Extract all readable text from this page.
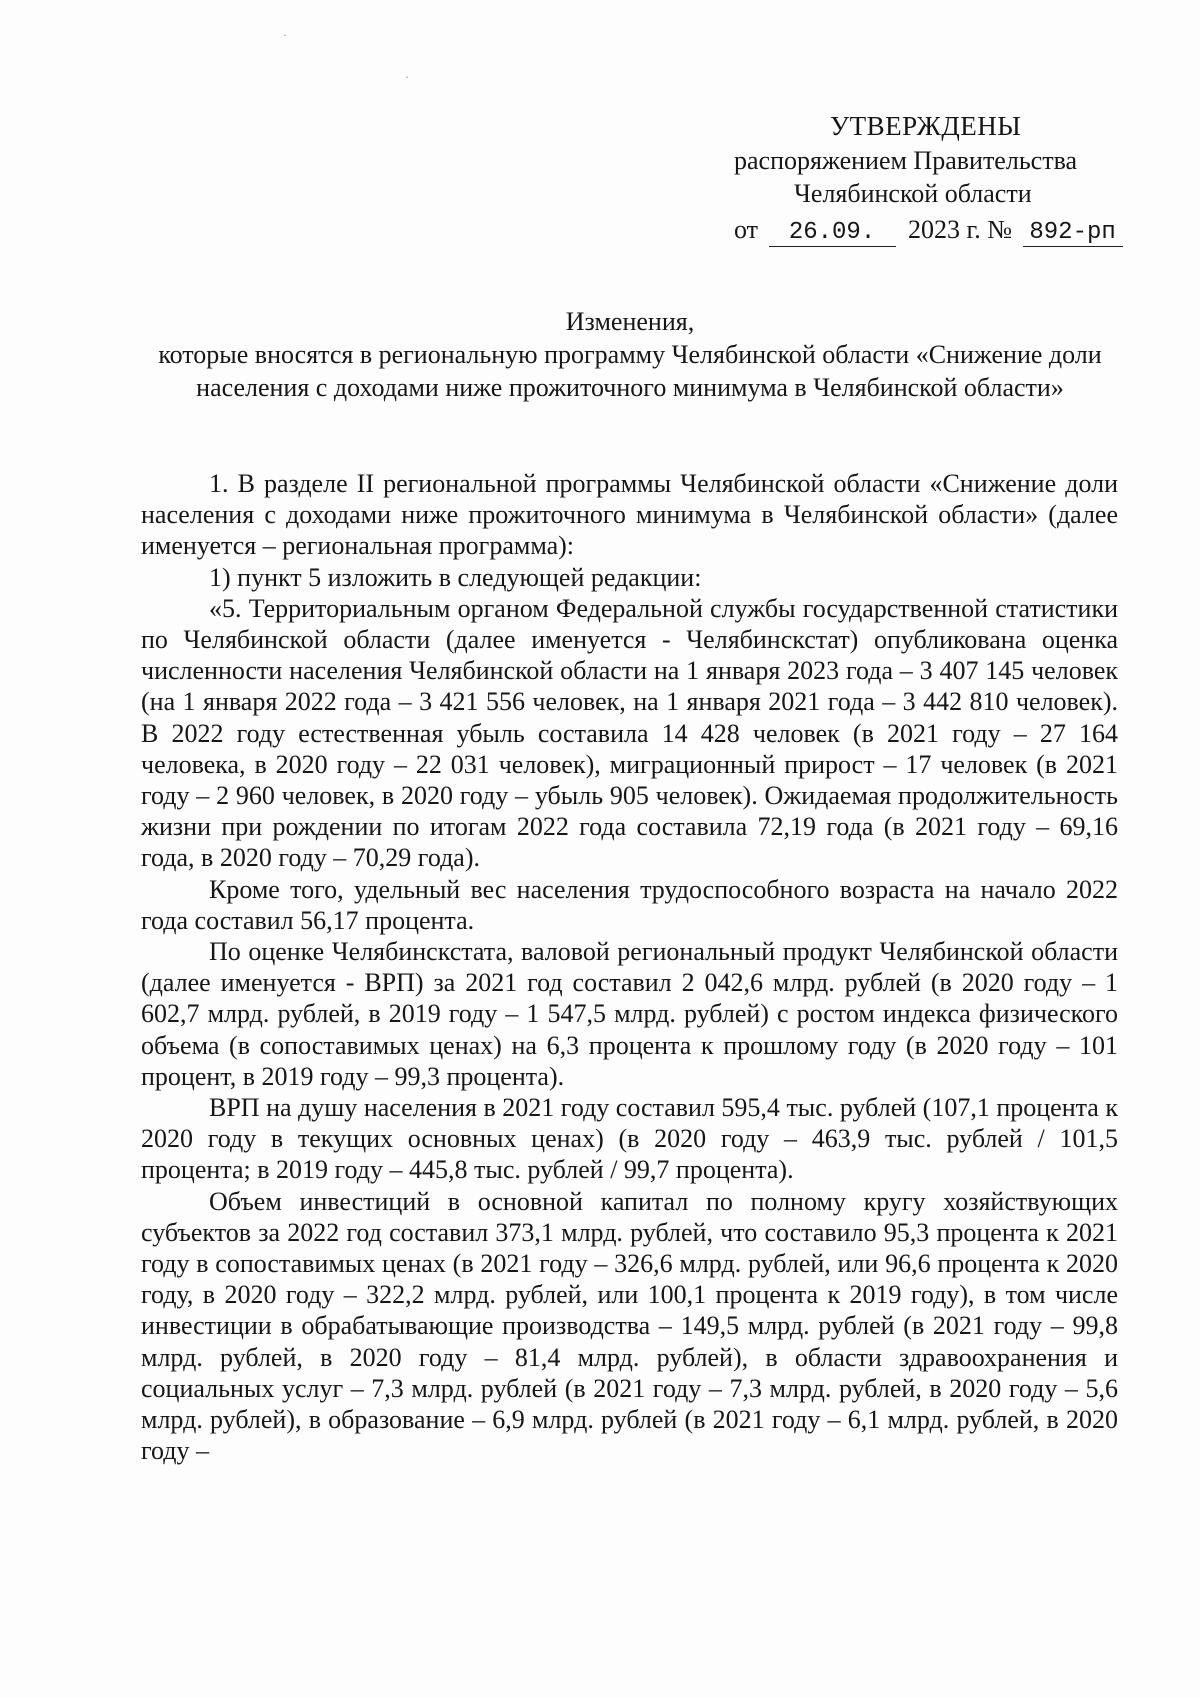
·
·
УТВЕРЖДЕНЫ
распоряжением Правительства
Челябинской области
от 26.09. 2023 г. № 892-рп
Изменения,
которые вносятся в региональную программу Челябинской области «Снижение доли населения с доходами ниже прожиточного минимума в Челябинской области»

1. В разделе II региональной программы Челябинской области «Снижение доли населения с доходами ниже прожиточного минимума в Челябинской области» (далее именуется – региональная программа):

1) пункт 5 изложить в следующей редакции:

«5. Территориальным органом Федеральной службы государственной статистики по Челябинской области (далее именуется - Челябинскстат) опубликована оценка численности населения Челябинской области на 1 января 2023 года – 3 407 145 человек (на 1 января 2022 года – 3 421 556 человек, на 1 января 2021 года – 3 442 810 человек). В 2022 году естественная убыль составила 14 428 человек (в 2021 году – 27 164 человека, в 2020 году – 22 031 человек), миграционный прирост – 17 человек (в 2021 году – 2 960 человек, в 2020 году – убыль 905 человек). Ожидаемая продолжительность жизни при рождении по итогам 2022 года составила 72,19 года (в 2021 году – 69,16 года, в 2020 году – 70,29 года).

Кроме того, удельный вес населения трудоспособного возраста на начало 2022 года составил 56,17 процента.

По оценке Челябинскстата, валовой региональный продукт Челябинской области (далее именуется - ВРП) за 2021 год составил 2 042,6 млрд. рублей (в 2020 году – 1 602,7 млрд. рублей, в 2019 году – 1 547,5 млрд. рублей) с ростом индекса физического объема (в сопоставимых ценах) на 6,3 процента к прошлому году (в 2020 году – 101 процент, в 2019 году – 99,3 процента).

ВРП на душу населения в 2021 году составил 595,4 тыс. рублей (107,1 процента к 2020 году в текущих основных ценах) (в 2020 году – 463,9 тыс. рублей / 101,5 процента; в 2019 году – 445,8 тыс. рублей / 99,7 процента).

Объем инвестиций в основной капитал по полному кругу хозяйствующих субъектов за 2022 год составил 373,1 млрд. рублей, что составило 95,3 процента к 2021 году в сопоставимых ценах (в 2021 году – 326,6 млрд. рублей, или 96,6 процента к 2020 году, в 2020 году – 322,2 млрд. рублей, или 100,1 процента к 2019 году), в том числе инвестиции в обрабатывающие производства – 149,5 млрд. рублей (в 2021 году – 99,8 млрд. рублей, в 2020 году – 81,4 млрд. рублей), в области здравоохранения и социальных услуг – 7,3 млрд. рублей (в 2021 году – 7,3 млрд. рублей, в 2020 году – 5,6 млрд. рублей), в образование – 6,9 млрд. рублей (в 2021 году – 6,1 млрд. рублей, в 2020 году –
